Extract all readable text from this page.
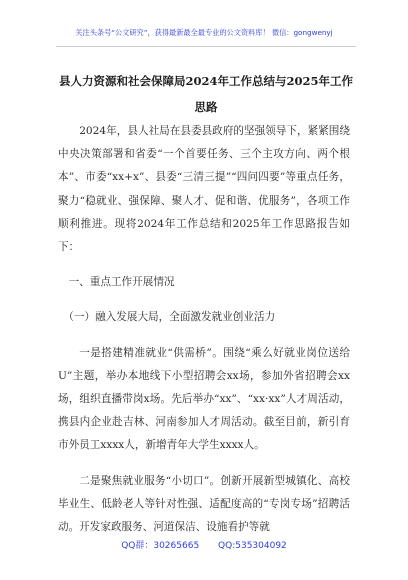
关注头条号“公文研究”，获得最新最全最专业的公文资料库！ 微信：gongwenyj
县人力资源和社会保障局2024年工作总结与2025年工作思路

2024年，县人社局在县委县政府的坚强领导下，紧紧围绕中央决策部署和省委“一个首要任务、三个主攻方向、两个根本”、市委“xx+x”、县委“三清三提”“四问四要”等重点任务，聚力“稳就业、强保障、聚人才、促和谐、优服务”，各项工作顺利推进。现将2024年工作总结和2025年工作思路报告如下：

一、重点工作开展情况

（一）融入发展大局，全面激发就业创业活力

一是搭建精准就业“供需桥”。围绕“乘么好就业岗位送给U”主题，举办本地线下小型招聘会xx场，参加外省招聘会xx场，组织直播带岗x场。先后举办“xx”、“xx·xx”人才周活动，携县内企业赴吉林、河南参加人才周活动。截至目前，新引育市外员工xxxx人，新增青年大学生xxxx人。

二是聚焦就业服务“小切口”。创新开展新型城镇化、高校毕业生、低龄老人等针对性强、适配度高的“专岗专场”招聘活动。开发家政服务、河道保洁、设施看护等就

QQ群：30265665 QQ:535304092
